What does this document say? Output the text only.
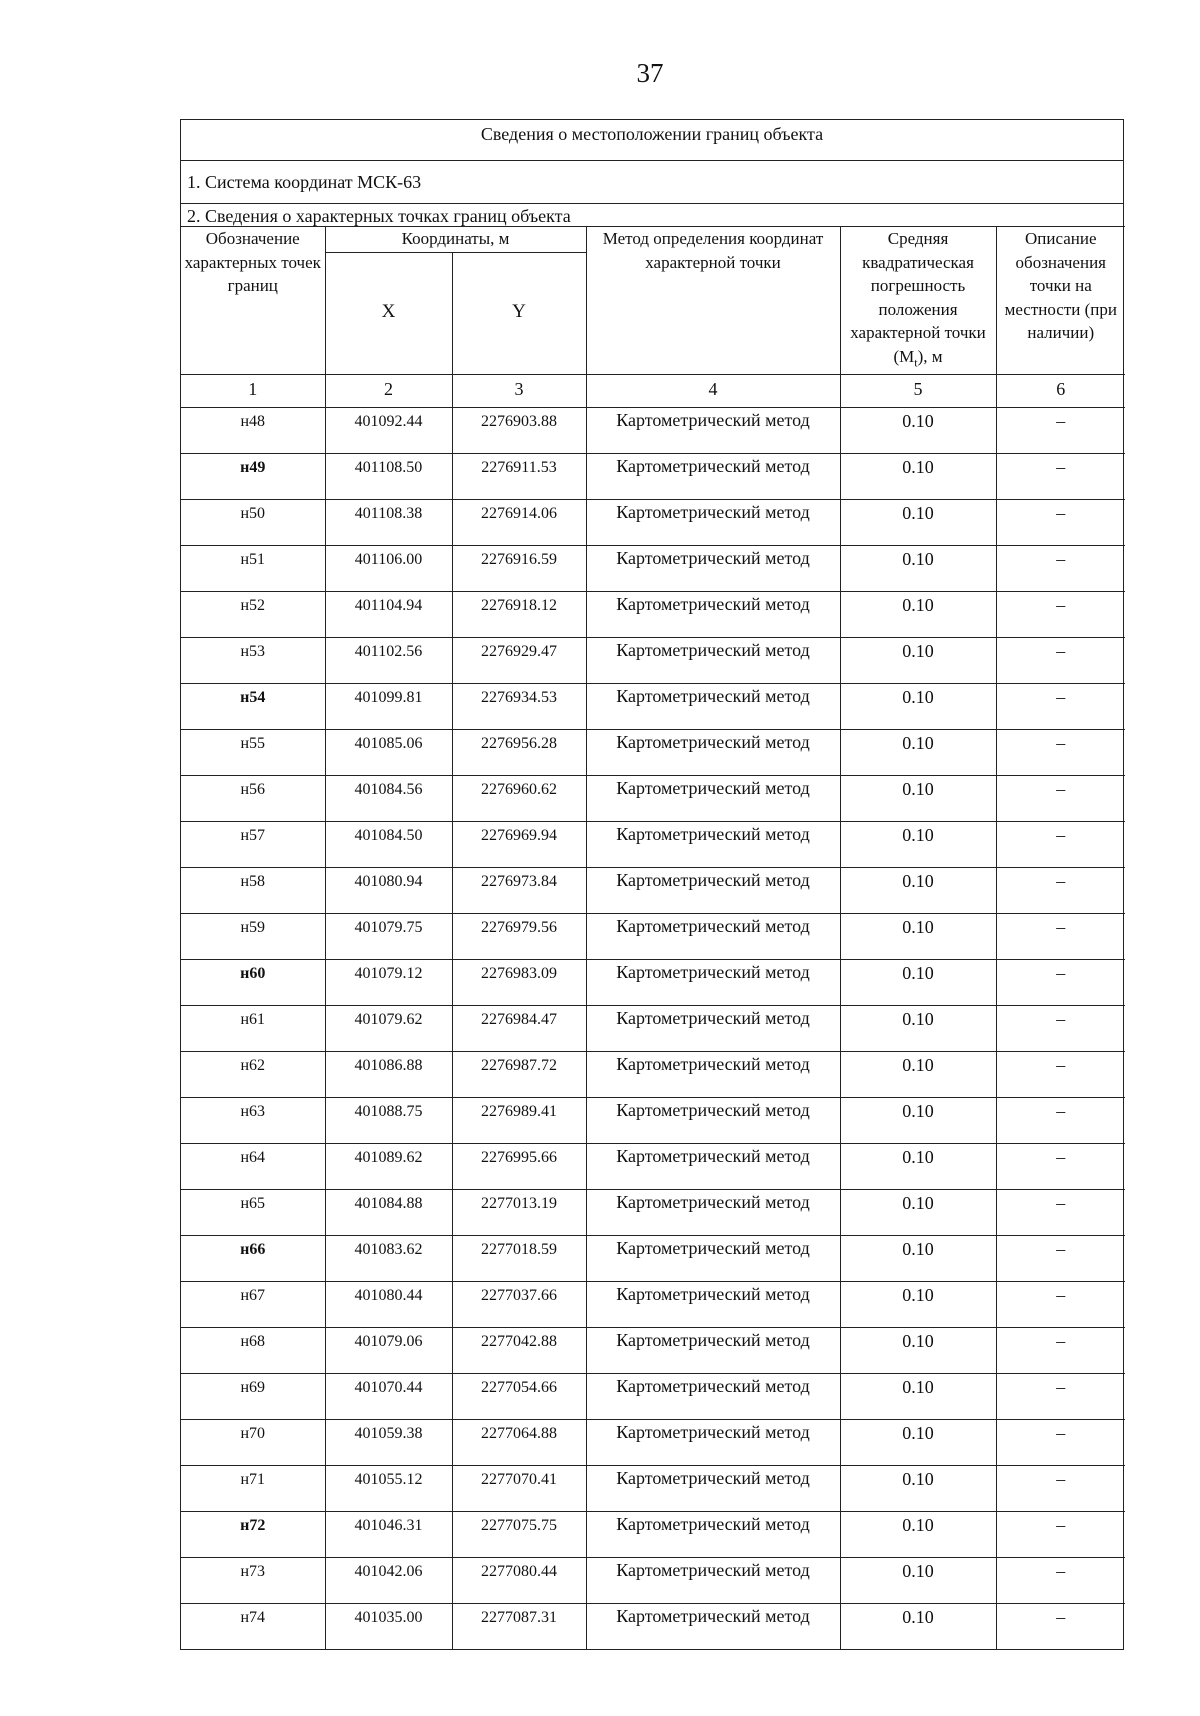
37
Сведения о местоположении границ объекта
1. Система координат МСК-63
2. Сведения о характерных точках границ объекта
Обозначение характерных точек границ	Координаты, м		Метод определения координат характерной точки	Средняя квадратическая погрешность положения характерной точки $(M_t)$, м	Описание обозначения точки на местности (при наличии)
	X	Y			
1	2	3	4	5	6
н48	401092.44	2276903.88	Картометрический метод	0.10	–
н49	401108.50	2276911.53	Картометрический метод	0.10	–
н50	401108.38	2276914.06	Картометрический метод	0.10	–
н51	401106.00	2276916.59	Картометрический метод	0.10	–
н52	401104.94	2276918.12	Картометрический метод	0.10	–
н53	401102.56	2276929.47	Картометрический метод	0.10	–
н54	401099.81	2276934.53	Картометрический метод	0.10	–
н55	401085.06	2276956.28	Картометрический метод	0.10	–
н56	401084.56	2276960.62	Картометрический метод	0.10	–
н57	401084.50	2276969.94	Картометрический метод	0.10	–
н58	401080.94	2276973.84	Картометрический метод	0.10	–
н59	401079.75	2276979.56	Картометрический метод	0.10	–
н60	401079.12	2276983.09	Картометрический метод	0.10	–
н61	401079.62	2276984.47	Картометрический метод	0.10	–
н62	401086.88	2276987.72	Картометрический метод	0.10	–
н63	401088.75	2276989.41	Картометрический метод	0.10	–
н64	401089.62	2276995.66	Картометрический метод	0.10	–
н65	401084.88	2277013.19	Картометрический метод	0.10	–
н66	401083.62	2277018.59	Картометрический метод	0.10	–
н67	401080.44	2277037.66	Картометрический метод	0.10	–
н68	401079.06	2277042.88	Картометрический метод	0.10	–
н69	401070.44	2277054.66	Картометрический метод	0.10	–
н70	401059.38	2277064.88	Картометрический метод	0.10	–
н71	401055.12	2277070.41	Картометрический метод	0.10	–
н72	401046.31	2277075.75	Картометрический метод	0.10	–
н73	401042.06	2277080.44	Картометрический метод	0.10	–
н74	401035.00	2277087.31	Картометрический метод	0.10	–
